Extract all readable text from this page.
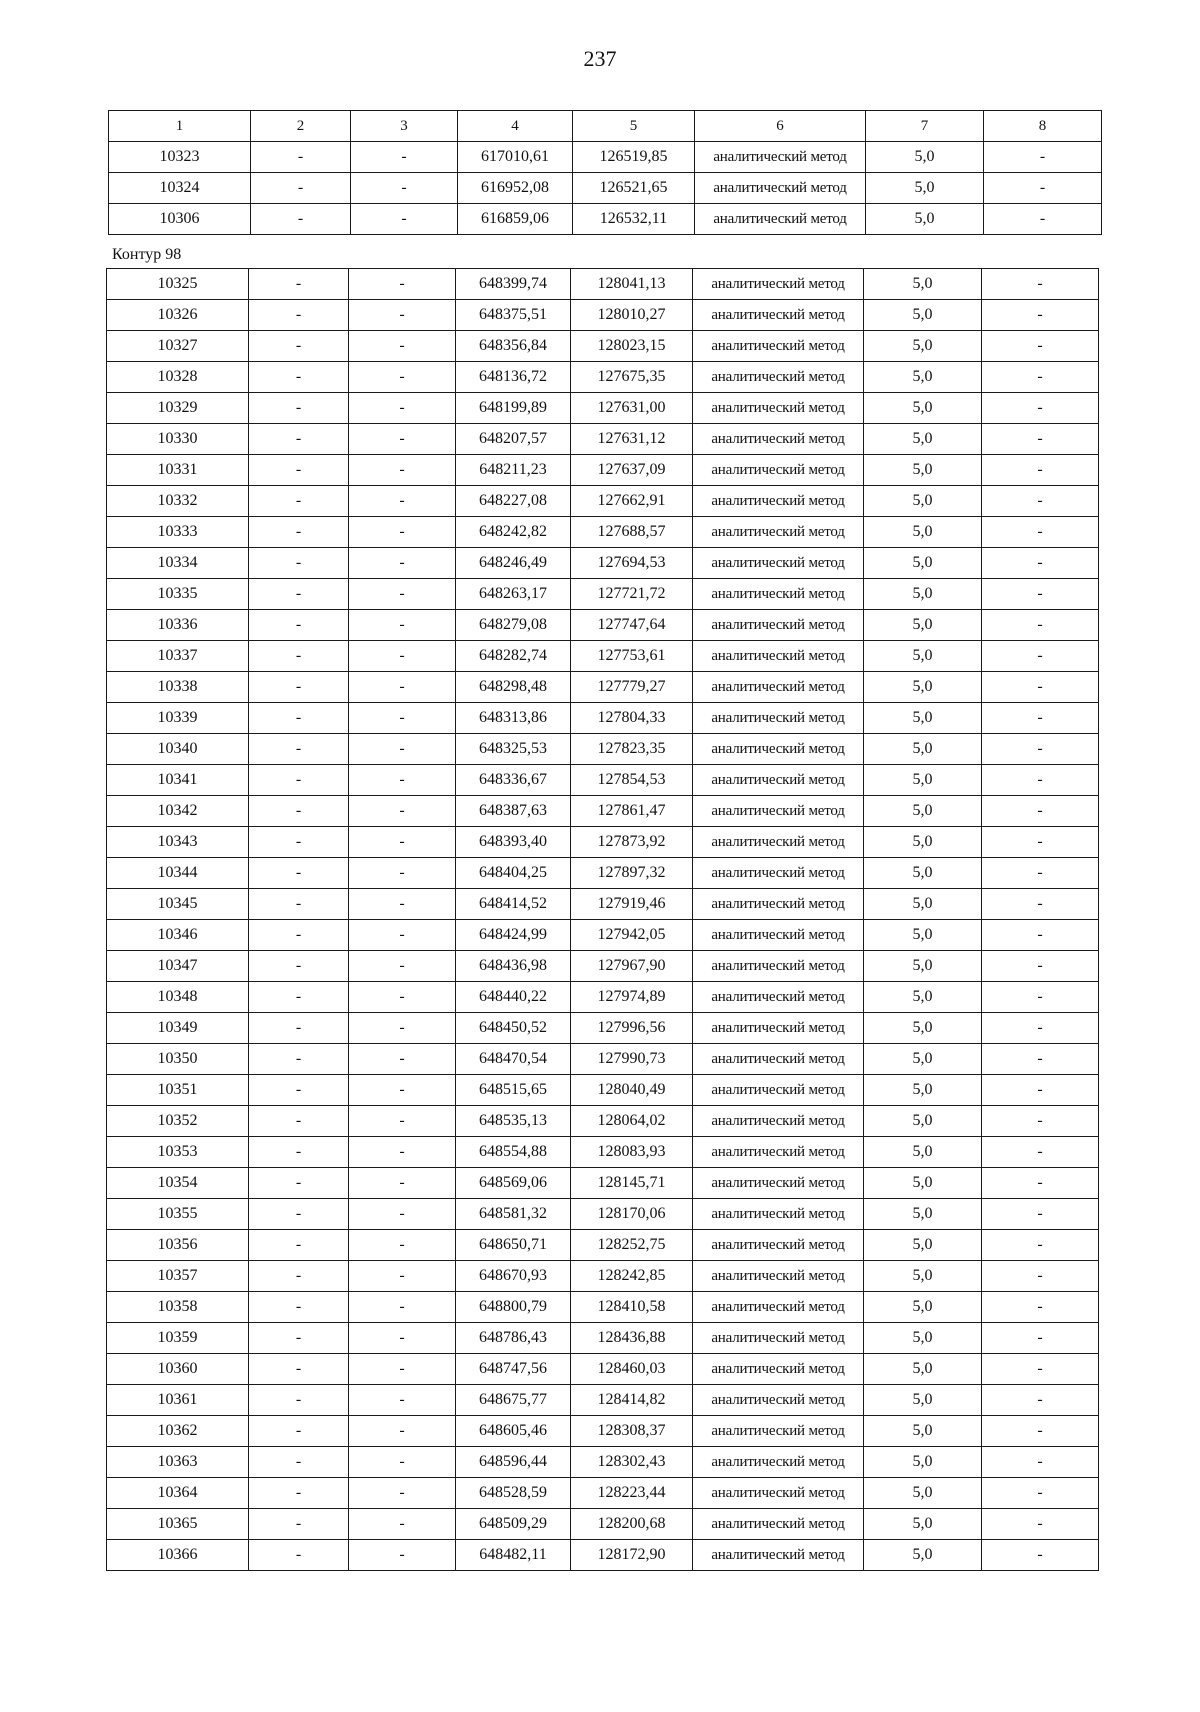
237
1	2	3	4	5	6	7	8
10323	-	-	617010,61	126519,85	аналитический метод	5,0	-
10324	-	-	616952,08	126521,65	аналитический метод	5,0	-
10306	-	-	616859,06	126532,11	аналитический метод	5,0	-
Контур 98
10325	-	-	648399,74	128041,13	аналитический метод	5,0	-
10326	-	-	648375,51	128010,27	аналитический метод	5,0	-
10327	-	-	648356,84	128023,15	аналитический метод	5,0	-
10328	-	-	648136,72	127675,35	аналитический метод	5,0	-
10329	-	-	648199,89	127631,00	аналитический метод	5,0	-
10330	-	-	648207,57	127631,12	аналитический метод	5,0	-
10331	-	-	648211,23	127637,09	аналитический метод	5,0	-
10332	-	-	648227,08	127662,91	аналитический метод	5,0	-
10333	-	-	648242,82	127688,57	аналитический метод	5,0	-
10334	-	-	648246,49	127694,53	аналитический метод	5,0	-
10335	-	-	648263,17	127721,72	аналитический метод	5,0	-
10336	-	-	648279,08	127747,64	аналитический метод	5,0	-
10337	-	-	648282,74	127753,61	аналитический метод	5,0	-
10338	-	-	648298,48	127779,27	аналитический метод	5,0	-
10339	-	-	648313,86	127804,33	аналитический метод	5,0	-
10340	-	-	648325,53	127823,35	аналитический метод	5,0	-
10341	-	-	648336,67	127854,53	аналитический метод	5,0	-
10342	-	-	648387,63	127861,47	аналитический метод	5,0	-
10343	-	-	648393,40	127873,92	аналитический метод	5,0	-
10344	-	-	648404,25	127897,32	аналитический метод	5,0	-
10345	-	-	648414,52	127919,46	аналитический метод	5,0	-
10346	-	-	648424,99	127942,05	аналитический метод	5,0	-
10347	-	-	648436,98	127967,90	аналитический метод	5,0	-
10348	-	-	648440,22	127974,89	аналитический метод	5,0	-
10349	-	-	648450,52	127996,56	аналитический метод	5,0	-
10350	-	-	648470,54	127990,73	аналитический метод	5,0	-
10351	-	-	648515,65	128040,49	аналитический метод	5,0	-
10352	-	-	648535,13	128064,02	аналитический метод	5,0	-
10353	-	-	648554,88	128083,93	аналитический метод	5,0	-
10354	-	-	648569,06	128145,71	аналитический метод	5,0	-
10355	-	-	648581,32	128170,06	аналитический метод	5,0	-
10356	-	-	648650,71	128252,75	аналитический метод	5,0	-
10357	-	-	648670,93	128242,85	аналитический метод	5,0	-
10358	-	-	648800,79	128410,58	аналитический метод	5,0	-
10359	-	-	648786,43	128436,88	аналитический метод	5,0	-
10360	-	-	648747,56	128460,03	аналитический метод	5,0	-
10361	-	-	648675,77	128414,82	аналитический метод	5,0	-
10362	-	-	648605,46	128308,37	аналитический метод	5,0	-
10363	-	-	648596,44	128302,43	аналитический метод	5,0	-
10364	-	-	648528,59	128223,44	аналитический метод	5,0	-
10365	-	-	648509,29	128200,68	аналитический метод	5,0	-
10366	-	-	648482,11	128172,90	аналитический метод	5,0	-
